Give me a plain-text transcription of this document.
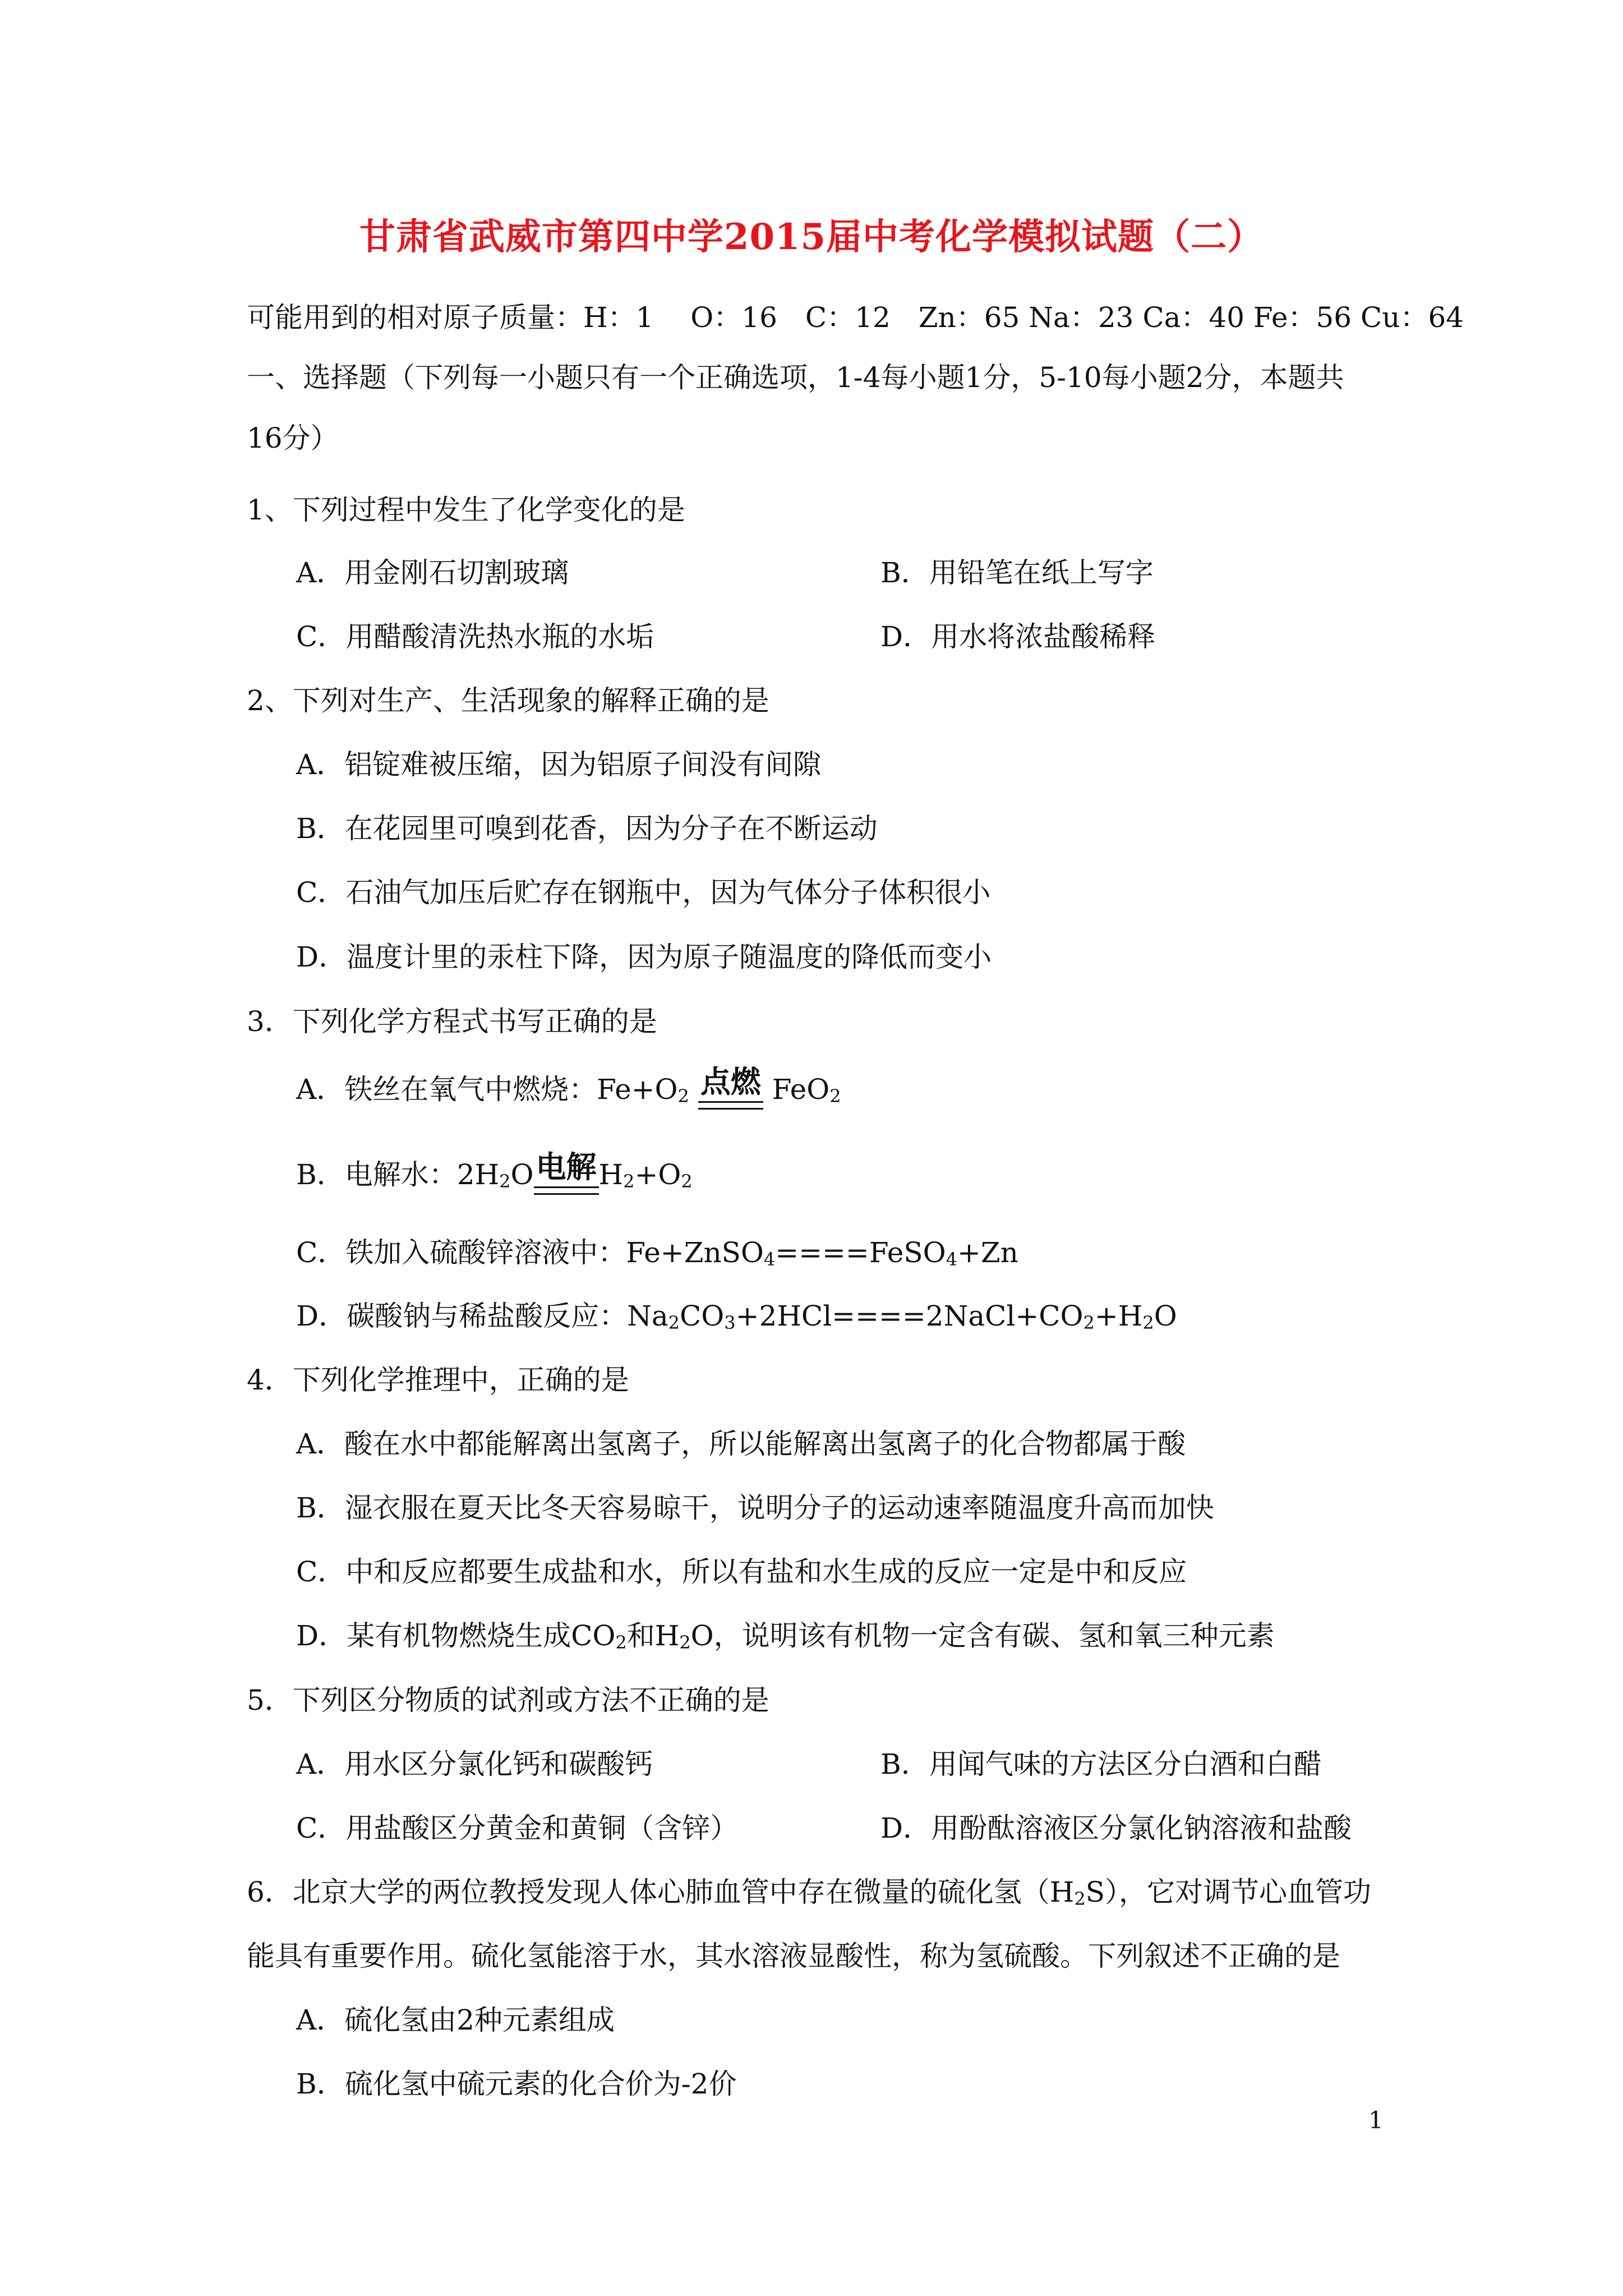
甘肃省武威市第四中学2015届中考化学模拟试题（二）
可能用到的相对原子质量：H：1　 O：16　C：12　Zn：65 Na：23 Ca：40 Fe：56 Cu：64
一、选择题（下列每一小题只有一个正确选项，1-4每小题1分，5-10每小题2分，本题共
16分）
1、下列过程中发生了化学变化的是
A．用金刚石切割玻璃	B．用铅笔在纸上写字
C．用醋酸清洗热水瓶的水垢	D．用水将浓盐酸稀释
2、下列对生产、生活现象的解释正确的是
A．铝锭难被压缩，因为铝原子间没有间隙
B．在花园里可嗅到花香，因为分子在不断运动
C．石油气加压后贮存在钢瓶中，因为气体分子体积很小
D．温度计里的汞柱下降，因为原子随温度的降低而变小
3．下列化学方程式书写正确的是
A．铁丝在氧气中燃烧：$Fe+O_2$ 点燃 FeO$_2$
B．电解水：$2H_2O$电解$H_2+O_2$
C．铁加入硫酸锌溶液中：Fe+ZnSO$_4$====FeSO$_4$+Zn
D．碳酸钠与稀盐酸反应：$Na_2CO_3+2HCl====2NaCl+CO_2+H_2O$
4．下列化学推理中，正确的是
A．酸在水中都能解离出氢离子，所以能解离出氢离子的化合物都属于酸
B．湿衣服在夏天比冬天容易晾干，说明分子的运动速率随温度升高而加快
C．中和反应都要生成盐和水，所以有盐和水生成的反应一定是中和反应
D．某有机物燃烧生成$CO_2$和$H_2O$，说明该有机物一定含有碳、氢和氧三种元素
5．下列区分物质的试剂或方法不正确的是
A．用水区分氯化钙和碳酸钙	B．用闻气味的方法区分白酒和白醋
C．用盐酸区分黄金和黄铜（含锌）	D．用酚酞溶液区分氯化钠溶液和盐酸
6．北京大学的两位教授发现人体心肺血管中存在微量的硫化氢$(H_2S)$，它对调节心血管功
能具有重要作用。硫化氢能溶于水，其水溶液显酸性，称为氢硫酸。下列叙述不正确的是
A．硫化氢由2种元素组成
B．硫化氢中硫元素的化合价为-2价
1
